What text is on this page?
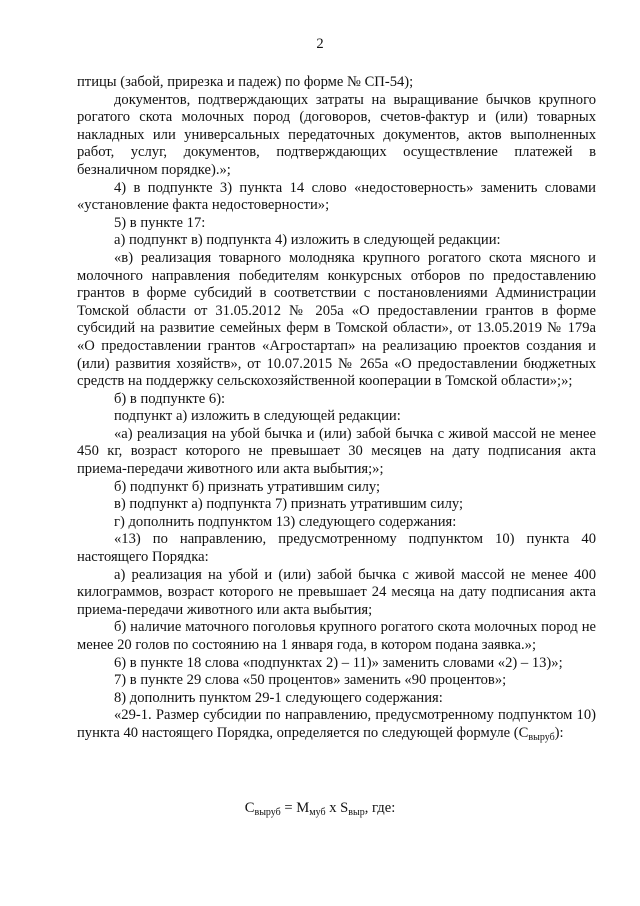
2

птицы (забой, прирезка и падеж) по форме № СП-54);

документов, подтверждающих затраты на выращивание бычков крупного рогатого скота молочных пород (договоров, счетов-фактур и (или) товарных накладных или универсальных передаточных документов, актов выполненных работ, услуг, документов, подтверждающих осуществление платежей в безналичном порядке).»;

4) в подпункте 3) пункта 14 слово «недостоверность» заменить словами «установление факта недостоверности»;

5) в пункте 17:

а) подпункт в) подпункта 4) изложить в следующей редакции:

«в) реализация товарного молодняка крупного рогатого скота мясного и молочного направления победителям конкурсных отборов по предоставлению грантов в форме субсидий в соответствии с постановлениями Администрации Томской области от 31.05.2012 № 205а «О предоставлении грантов в форме субсидий на развитие семейных ферм в Томской области», от 13.05.2019 № 179а «О предоставлении грантов «Агростартап» на реализацию проектов создания и (или) развития хозяйств», от 10.07.2015 № 265а «О предоставлении бюджетных средств на поддержку сельскохозяйственной кооперации в Томской области»;»;

б) в подпункте 6):

подпункт а) изложить в следующей редакции:

«а) реализация на убой бычка и (или) забой бычка с живой массой не менее 450 кг, возраст которого не превышает 30 месяцев на дату подписания акта приема-передачи животного или акта выбытия;»;

б) подпункт б) признать утратившим силу;

в) подпункт а) подпункта 7) признать утратившим силу;

г) дополнить подпунктом 13) следующего содержания:

«13) по направлению, предусмотренному подпунктом 10) пункта 40 настоящего Порядка:

а) реализация на убой и (или) забой бычка с живой массой не менее 400 килограммов, возраст которого не превышает 24 месяца на дату подписания акта приема-передачи животного или акта выбытия;

б) наличие маточного поголовья крупного рогатого скота молочных пород не менее 20 голов по состоянию на 1 января года, в котором подана заявка.»;

6) в пункте 18 слова «подпунктах 2) – 11)» заменить словами «2) – 13)»;

7) в пункте 29 слова «50 процентов» заменить «90 процентов»;

8) дополнить пунктом 29-1 следующего содержания:

«29-1. Размер субсидии по направлению, предусмотренному подпунктом 10) пункта 40 настоящего Порядка, определяется по следующей формуле $(С_{выруб})$:

$С_{выруб} = М_{муб}$ х $S_{выр}$, где:
